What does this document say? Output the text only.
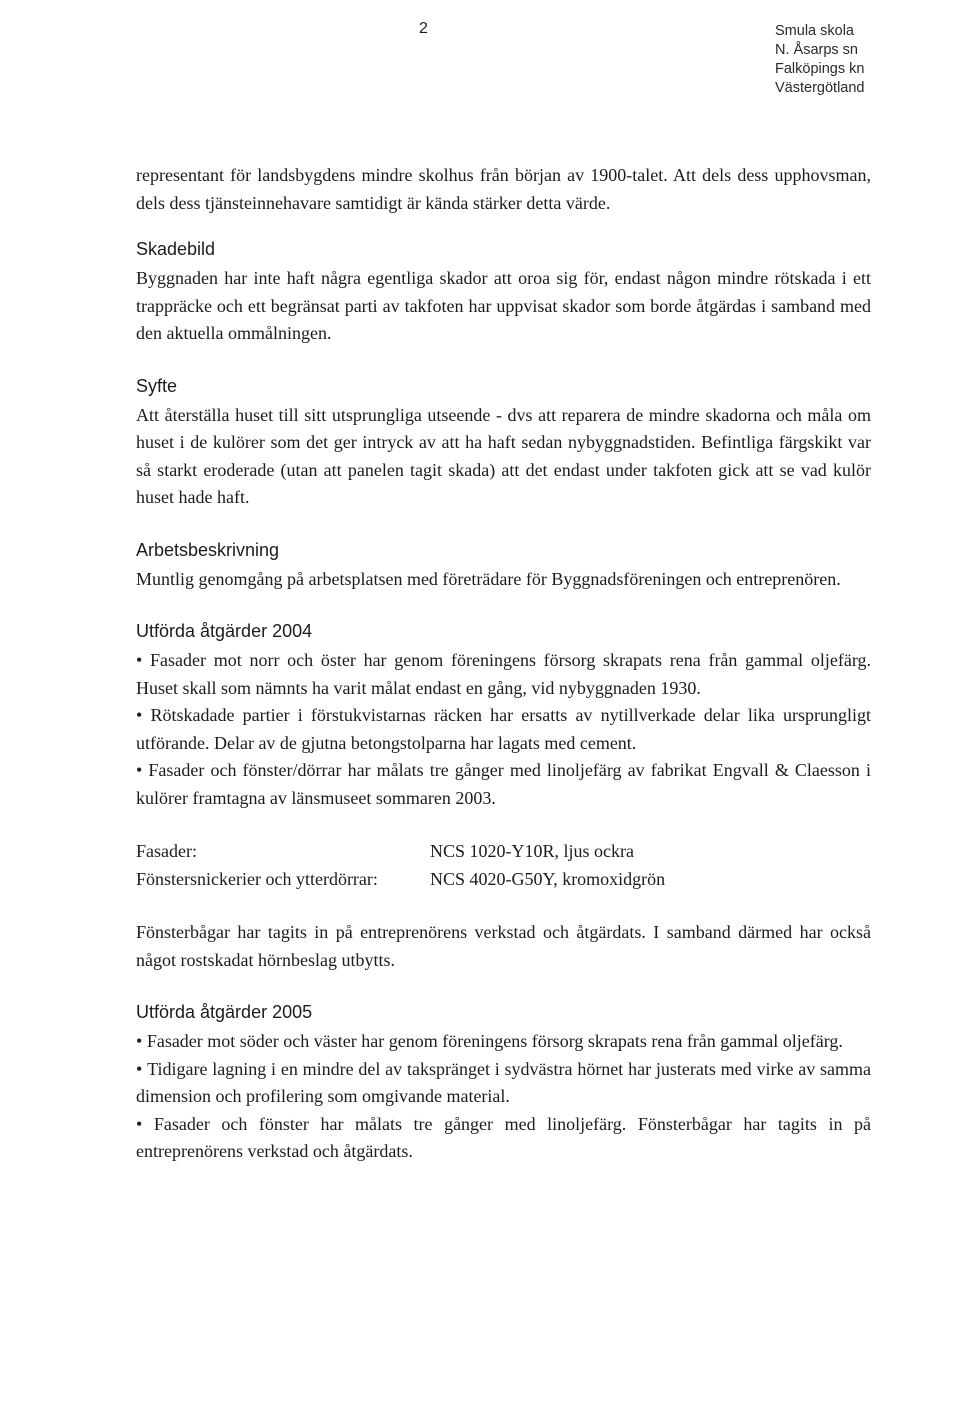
2	Smula skola
N. Åsarps sn
Falköpings kn
Västergötland

representant för landsbygdens mindre skolhus från början av 1900-talet. Att dels dess upphovsman, dels dess tjänsteinnehavare samtidigt är kända stärker detta värde.

Skadebild

Byggnaden har inte haft några egentliga skador att oroa sig för, endast någon mindre rötskada i ett trappräcke och ett begränsat parti av takfoten har uppvisat skador som borde åtgärdas i samband med den aktuella ommålningen.

Syfte

Att återställa huset till sitt utsprungliga utseende - dvs att reparera de mindre skadorna och måla om huset i de kulörer som det ger intryck av att ha haft sedan nybyggnadstiden. Befintliga färgskikt var så starkt eroderade (utan att panelen tagit skada) att det endast under takfoten gick att se vad kulör huset hade haft.

Arbetsbeskrivning

Muntlig genomgång på arbetsplatsen med företrädare för Byggnadsföreningen och entreprenören.

Utförda åtgärder 2004

• Fasader mot norr och öster har genom föreningens försorg skrapats rena från gammal oljefärg. Huset skall som nämnts ha varit målat endast en gång, vid nybyggnaden 1930.

• Rötskadade partier i förstukvistarnas räcken har ersatts av nytillverkade delar lika ursprungligt utförande. Delar av de gjutna betongstolparna har lagats med cement.

• Fasader och fönster/dörrar har målats tre gånger med linoljefärg av fabrikat Engvall & Claesson i kulörer framtagna av länsmuseet sommaren 2003.

Fasader:	NCS 1020-Y10R, ljus ockra
Fönstersnickerier och ytterdörrar:	NCS 4020-G50Y, kromoxidgrön

Fönsterbågar har tagits in på entreprenörens verkstad och åtgärdats. I samband därmed har också något rostskadat hörnbeslag utbytts.

Utförda åtgärder 2005

• Fasader mot söder och väster har genom föreningens försorg skrapats rena från gammal oljefärg.

• Tidigare lagning i en mindre del av takspränget i sydvästra hörnet har justerats med virke av samma dimension och profilering som omgivande material.

• Fasader och fönster har målats tre gånger med linoljefärg. Fönsterbågar har tagits in på entreprenörens verkstad och åtgärdats.
